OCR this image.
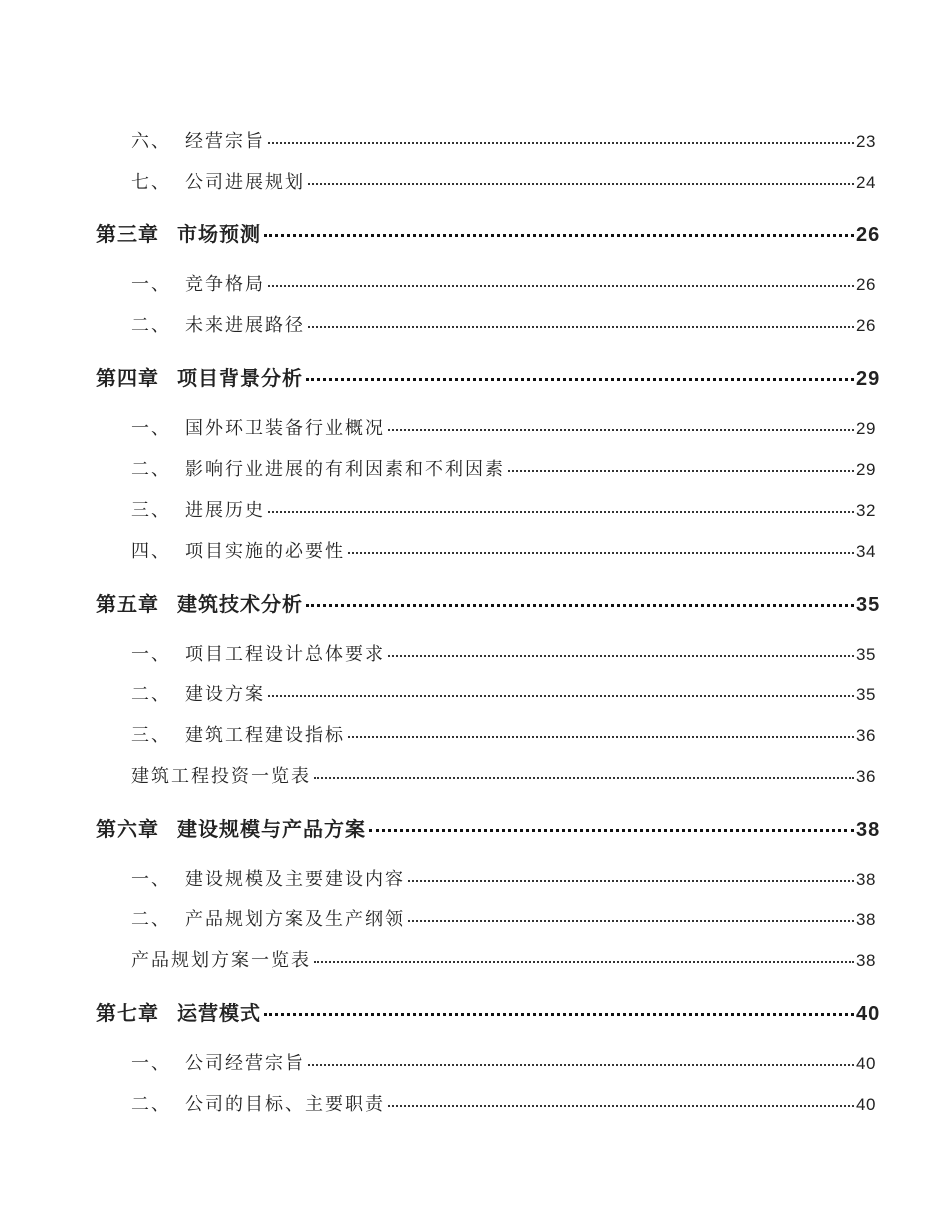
六、 经营宗旨	23
七、 公司进展规划	24
第三章 市场预测	26
一、 竞争格局	26
二、 未来进展路径	26
第四章 项目背景分析	29
一、 国外环卫装备行业概况	29
二、 影响行业进展的有利因素和不利因素	29
三、 进展历史	32
四、 项目实施的必要性	34
第五章 建筑技术分析	35
一、 项目工程设计总体要求	35
二、 建设方案	35
三、 建筑工程建设指标	36
建筑工程投资一览表	36
第六章 建设规模与产品方案	38
一、 建设规模及主要建设内容	38
二、 产品规划方案及生产纲领	38
产品规划方案一览表	38
第七章 运营模式	40
一、 公司经营宗旨	40
二、 公司的目标、主要职责	40
